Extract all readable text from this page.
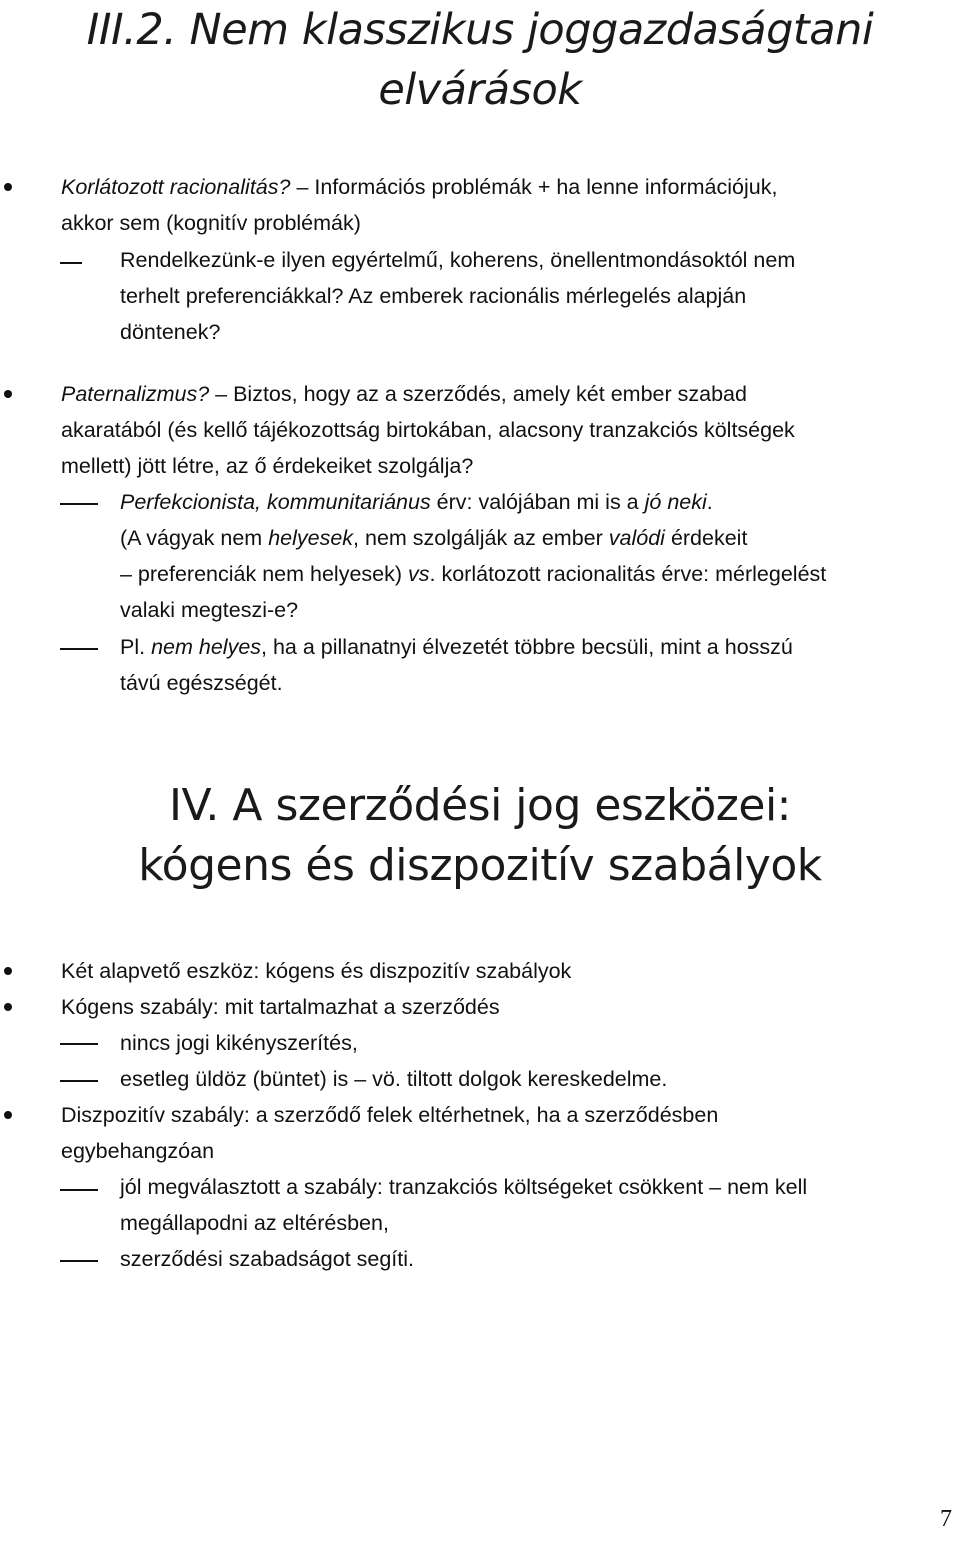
III.2. Nem klasszikus joggazdaságtani
elvárások
Korlátozott racionalitás? – Információs problémák + ha lenne információjuk,
akkor sem (kognitív problémák)
Rendelkezünk-e ilyen egyértelmű, koherens, önellentmondásoktól nem
terhelt preferenciákkal? Az emberek racionális mérlegelés alapján
döntenek?
Paternalizmus? – Biztos, hogy az a szerződés, amely két ember szabad
akaratából (és kellő tájékozottság birtokában, alacsony tranzakciós költségek
mellett) jött létre, az ő érdekeiket szolgálja?
Perfekcionista, kommunitariánus érv: valójában mi is a jó neki.
(A vágyak nem helyesek, nem szolgálják az ember valódi érdekeit
– preferenciák nem helyesek) vs. korlátozott racionalitás érve: mérlegelést
valaki megteszi-e?
Pl. nem helyes, ha a pillanatnyi élvezetét többre becsüli, mint a hosszú
távú egészségét.
IV. A szerződési jog eszközei:
kógens és diszpozitív szabályok
Két alapvető eszköz: kógens és diszpozitív szabályok
Kógens szabály: mit tartalmazhat a szerződés
nincs jogi kikényszerítés,
esetleg üldöz (büntet) is – vö. tiltott dolgok kereskedelme.
Diszpozitív szabály: a szerződő felek eltérhetnek, ha a szerződésben
egybehangzóan
jól megválasztott a szabály: tranzakciós költségeket csökkent – nem kell
megállapodni az eltérésben,
szerződési szabadságot segíti.
7
